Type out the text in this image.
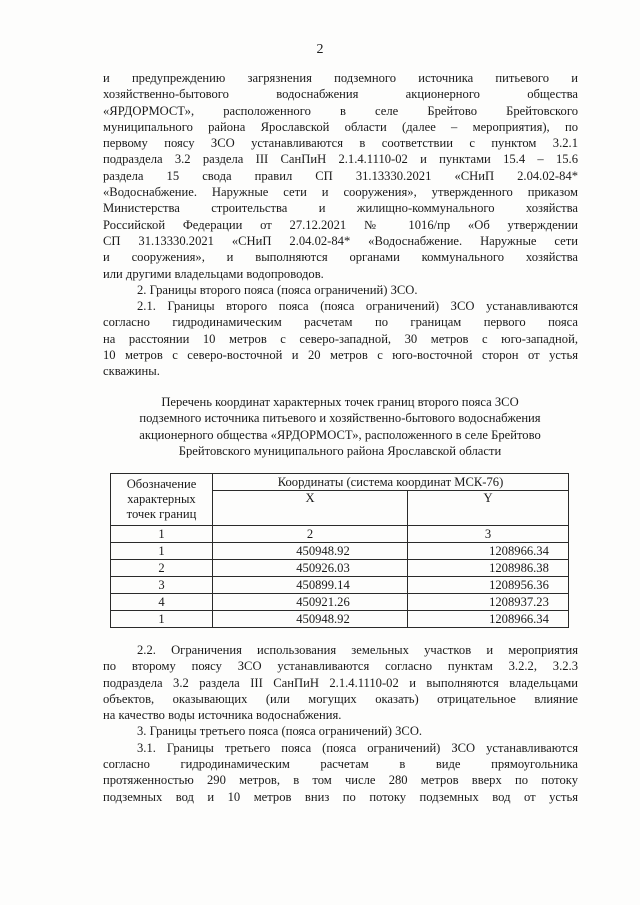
2
и предупреждению загрязнения подземного источника питьевого и
хозяйственно-бытового водоснабжения акционерного общества
«ЯРДОРМОСТ», расположенного в селе Брейтово Брейтовского
муниципального района Ярославской области (далее – мероприятия), по
первому поясу ЗСО устанавливаются в соответствии с пунктом 3.2.1
подраздела 3.2 раздела III СанПиН 2.1.4.1110-02 и пунктами 15.4 – 15.6
раздела 15 свода правил СП 31.13330.2021 «СНиП 2.04.02-84*
«Водоснабжение. Наружные сети и сооружения», утвержденного приказом
Министерства строительства и жилищно-коммунального хозяйства
Российской Федерации от 27.12.2021 № 1016/пр «Об утверждении
СП 31.13330.2021 «СНиП 2.04.02-84* «Водоснабжение. Наружные сети
и сооружения», и выполняются органами коммунального хозяйства
или другими владельцами водопроводов.
2. Границы второго пояса (пояса ограничений) ЗСО.
2.1. Границы второго пояса (пояса ограничений) ЗСО устанавливаются
согласно гидродинамическим расчетам по границам первого пояса
на расстоянии 10 метров с северо-западной, 30 метров с юго-западной,
10 метров с северо-восточной и 20 метров с юго-восточной сторон от устья
скважины.
Перечень координат характерных точек границ второго пояса ЗСО
подземного источника питьевого и хозяйственно-бытового водоснабжения
акционерного общества «ЯРДОРМОСТ», расположенного в селе Брейтово
Брейтовского муниципального района Ярославской области
Обозначение
характерных
точек границ	Координаты (система координат МСК-76)	
	X	Y
1	2	3
1	450948.92	1208966.34
2	450926.03	1208986.38
3	450899.14	1208956.36
4	450921.26	1208937.23
1	450948.92	1208966.34
2.2. Ограничения использования земельных участков и мероприятия
по второму поясу ЗСО устанавливаются согласно пунктам 3.2.2, 3.2.3
подраздела 3.2 раздела III СанПиН 2.1.4.1110-02 и выполняются владельцами
объектов, оказывающих (или могущих оказать) отрицательное влияние
на качество воды источника водоснабжения.
3. Границы третьего пояса (пояса ограничений) ЗСО.
3.1. Границы третьего пояса (пояса ограничений) ЗСО устанавливаются
согласно гидродинамическим расчетам в виде прямоугольника
протяженностью 290 метров, в том числе 280 метров вверх по потоку
подземных вод и 10 метров вниз по потоку подземных вод от устья
